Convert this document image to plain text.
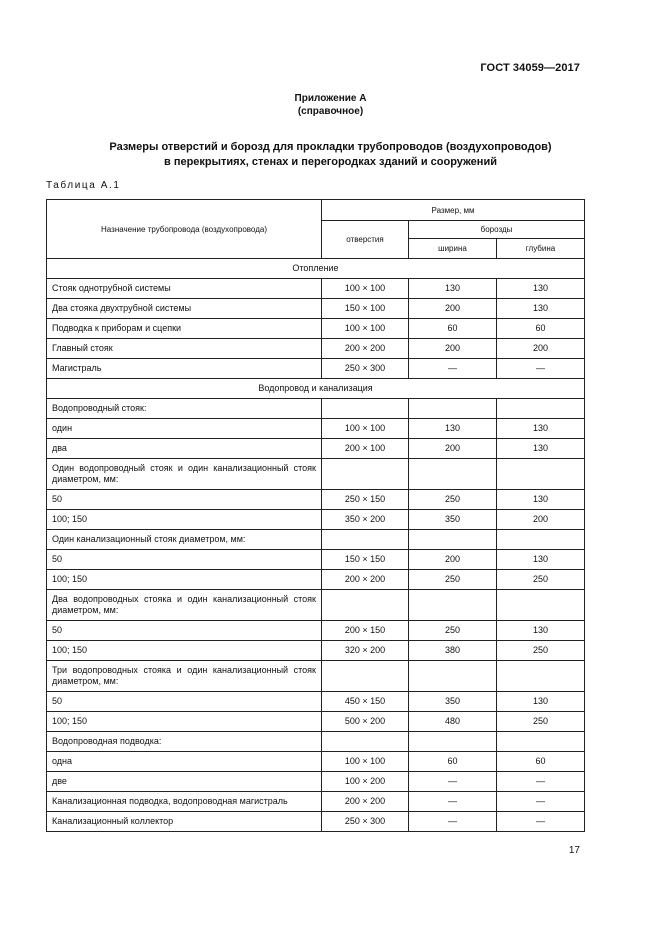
ГОСТ 34059—2017
Приложение А
(справочное)
Размеры отверстий и борозд для прокладки трубопроводов (воздухопроводов)
в перекрытиях, стенах и перегородках зданий и сооружений
Таблица А.1
Назначение трубопровода (воздухопровода)	Размер, мм		
	отверстия	борозды	
		ширина	глубина
Отопление			
Стояк однотрубной системы	100 × 100	130	130
Два стояка двухтрубной системы	150 × 100	200	130
Подводка к приборам и сцепки	100 × 100	60	60
Главный стояк	200 × 200	200	200
Магистраль	250 × 300	—	—
Водопровод и канализация			
Водопроводный стояк:			
один	100 × 100	130	130
два	200 × 100	200	130
Один водопроводный стояк и один канализационный стояк диаметром, мм:			
50	250 × 150	250	130
100; 150	350 × 200	350	200
Один канализационный стояк диаметром, мм:			
50	150 × 150	200	130
100; 150	200 × 200	250	250
Два водопроводных стояка и один канализационный стояк диаметром, мм:			
50	200 × 150	250	130
100; 150	320 × 200	380	250
Три водопроводных стояка и один канализационный стояк диаметром, мм:			
50	450 × 150	350	130
100; 150	500 × 200	480	250
Водопроводная подводка:			
одна	100 × 100	60	60
две	100 × 200	—	—
Канализационная подводка, водопроводная магистраль	200 × 200	—	—
Канализационный коллектор	250 × 300	—	—
17
